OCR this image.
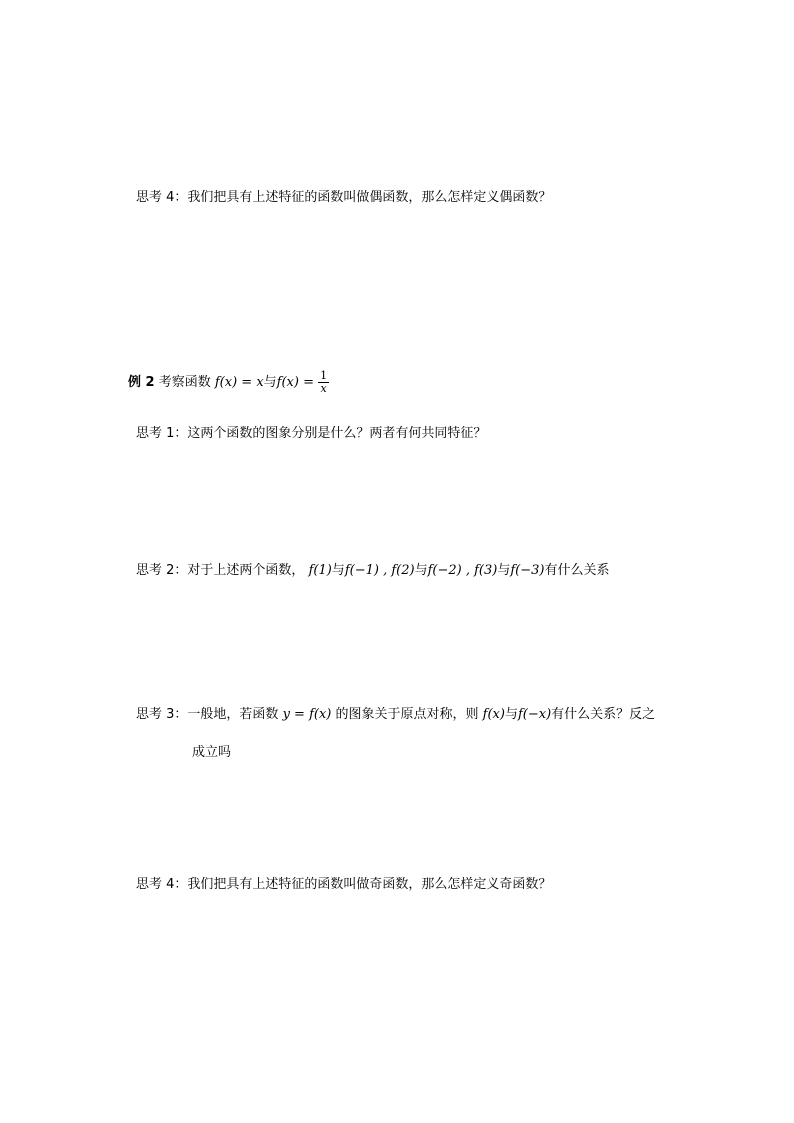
思考 4：我们把具有上述特征的函数叫做偶函数，那么怎样定义偶函数？
例 2 考察函数 f(x) = x与$f(x) = \frac{1}{x}$
思考 1：这两个函数的图象分别是什么？两者有何共同特征？
思考 2：对于上述两个函数， f(1)与f(−1) , f(2)与f(−2) , f(3)与f(−3)有什么关系
思考 3：一般地，若函数 y = f(x) 的图象关于原点对称，则 f(x)与f(−x)有什么关系？反之
成立吗
思考 4：我们把具有上述特征的函数叫做奇函数，那么怎样定义奇函数？
